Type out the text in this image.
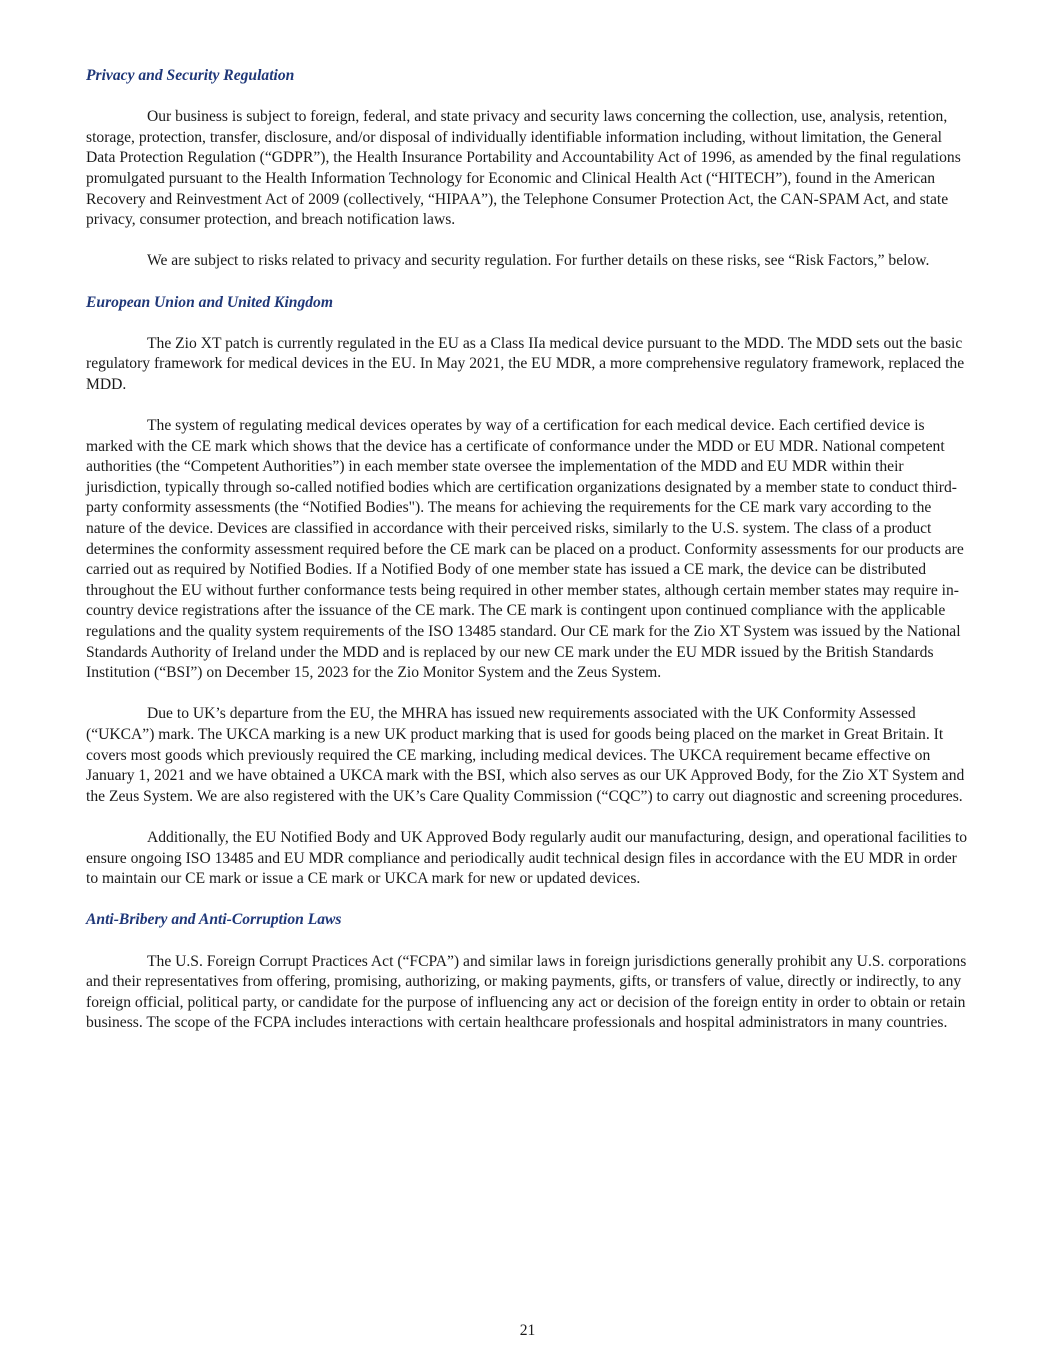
Privacy and Security Regulation

Our business is subject to foreign, federal, and state privacy and security laws concerning the collection, use, analysis, retention, storage, protection, transfer, disclosure, and/or disposal of individually identifiable information including, without limitation, the General Data Protection Regulation (“GDPR”), the Health Insurance Portability and Accountability Act of 1996, as amended by the final regulations promulgated pursuant to the Health Information Technology for Economic and Clinical Health Act (“HITECH”), found in the American Recovery and Reinvestment Act of 2009 (collectively, “HIPAA”), the Telephone Consumer Protection Act, the CAN-SPAM Act, and state privacy, consumer protection, and breach notification laws.

We are subject to risks related to privacy and security regulation. For further details on these risks, see “Risk Factors,” below.

European Union and United Kingdom

The Zio XT patch is currently regulated in the EU as a Class IIa medical device pursuant to the MDD. The MDD sets out the basic regulatory framework for medical devices in the EU. In May 2021, the EU MDR, a more comprehensive regulatory framework, replaced the MDD.

The system of regulating medical devices operates by way of a certification for each medical device. Each certified device is marked with the CE mark which shows that the device has a certificate of conformance under the MDD or EU MDR. National competent authorities (the “Competent Authorities”) in each member state oversee the implementation of the MDD and EU MDR within their jurisdiction, typically through so-called notified bodies which are certification organizations designated by a member state to conduct third-party conformity assessments (the “Notified Bodies"). The means for achieving the requirements for the CE mark vary according to the nature of the device. Devices are classified in accordance with their perceived risks, similarly to the U.S. system. The class of a product determines the conformity assessment required before the CE mark can be placed on a product. Conformity assessments for our products are carried out as required by Notified Bodies. If a Notified Body of one member state has issued a CE mark, the device can be distributed throughout the EU without further conformance tests being required in other member states, although certain member states may require in-country device registrations after the issuance of the CE mark. The CE mark is contingent upon continued compliance with the applicable regulations and the quality system requirements of the ISO 13485 standard. Our CE mark for the Zio XT System was issued by the National Standards Authority of Ireland under the MDD and is replaced by our new CE mark under the EU MDR issued by the British Standards Institution (“BSI”) on December 15, 2023 for the Zio Monitor System and the Zeus System.

Due to UK’s departure from the EU, the MHRA has issued new requirements associated with the UK Conformity Assessed (“UKCA”) mark. The UKCA marking is a new UK product marking that is used for goods being placed on the market in Great Britain. It covers most goods which previously required the CE marking, including medical devices. The UKCA requirement became effective on January 1, 2021 and we have obtained a UKCA mark with the BSI, which also serves as our UK Approved Body, for the Zio XT System and the Zeus System. We are also registered with the UK’s Care Quality Commission (“CQC”) to carry out diagnostic and screening procedures.

Additionally, the EU Notified Body and UK Approved Body regularly audit our manufacturing, design, and operational facilities to ensure ongoing ISO 13485 and EU MDR compliance and periodically audit technical design files in accordance with the EU MDR in order to maintain our CE mark or issue a CE mark or UKCA mark for new or updated devices.

Anti-Bribery and Anti-Corruption Laws

The U.S. Foreign Corrupt Practices Act (“FCPA”) and similar laws in foreign jurisdictions generally prohibit any U.S. corporations and their representatives from offering, promising, authorizing, or making payments, gifts, or transfers of value, directly or indirectly, to any foreign official, political party, or candidate for the purpose of influencing any act or decision of the foreign entity in order to obtain or retain business. The scope of the FCPA includes interactions with certain healthcare professionals and hospital administrators in many countries.

21
